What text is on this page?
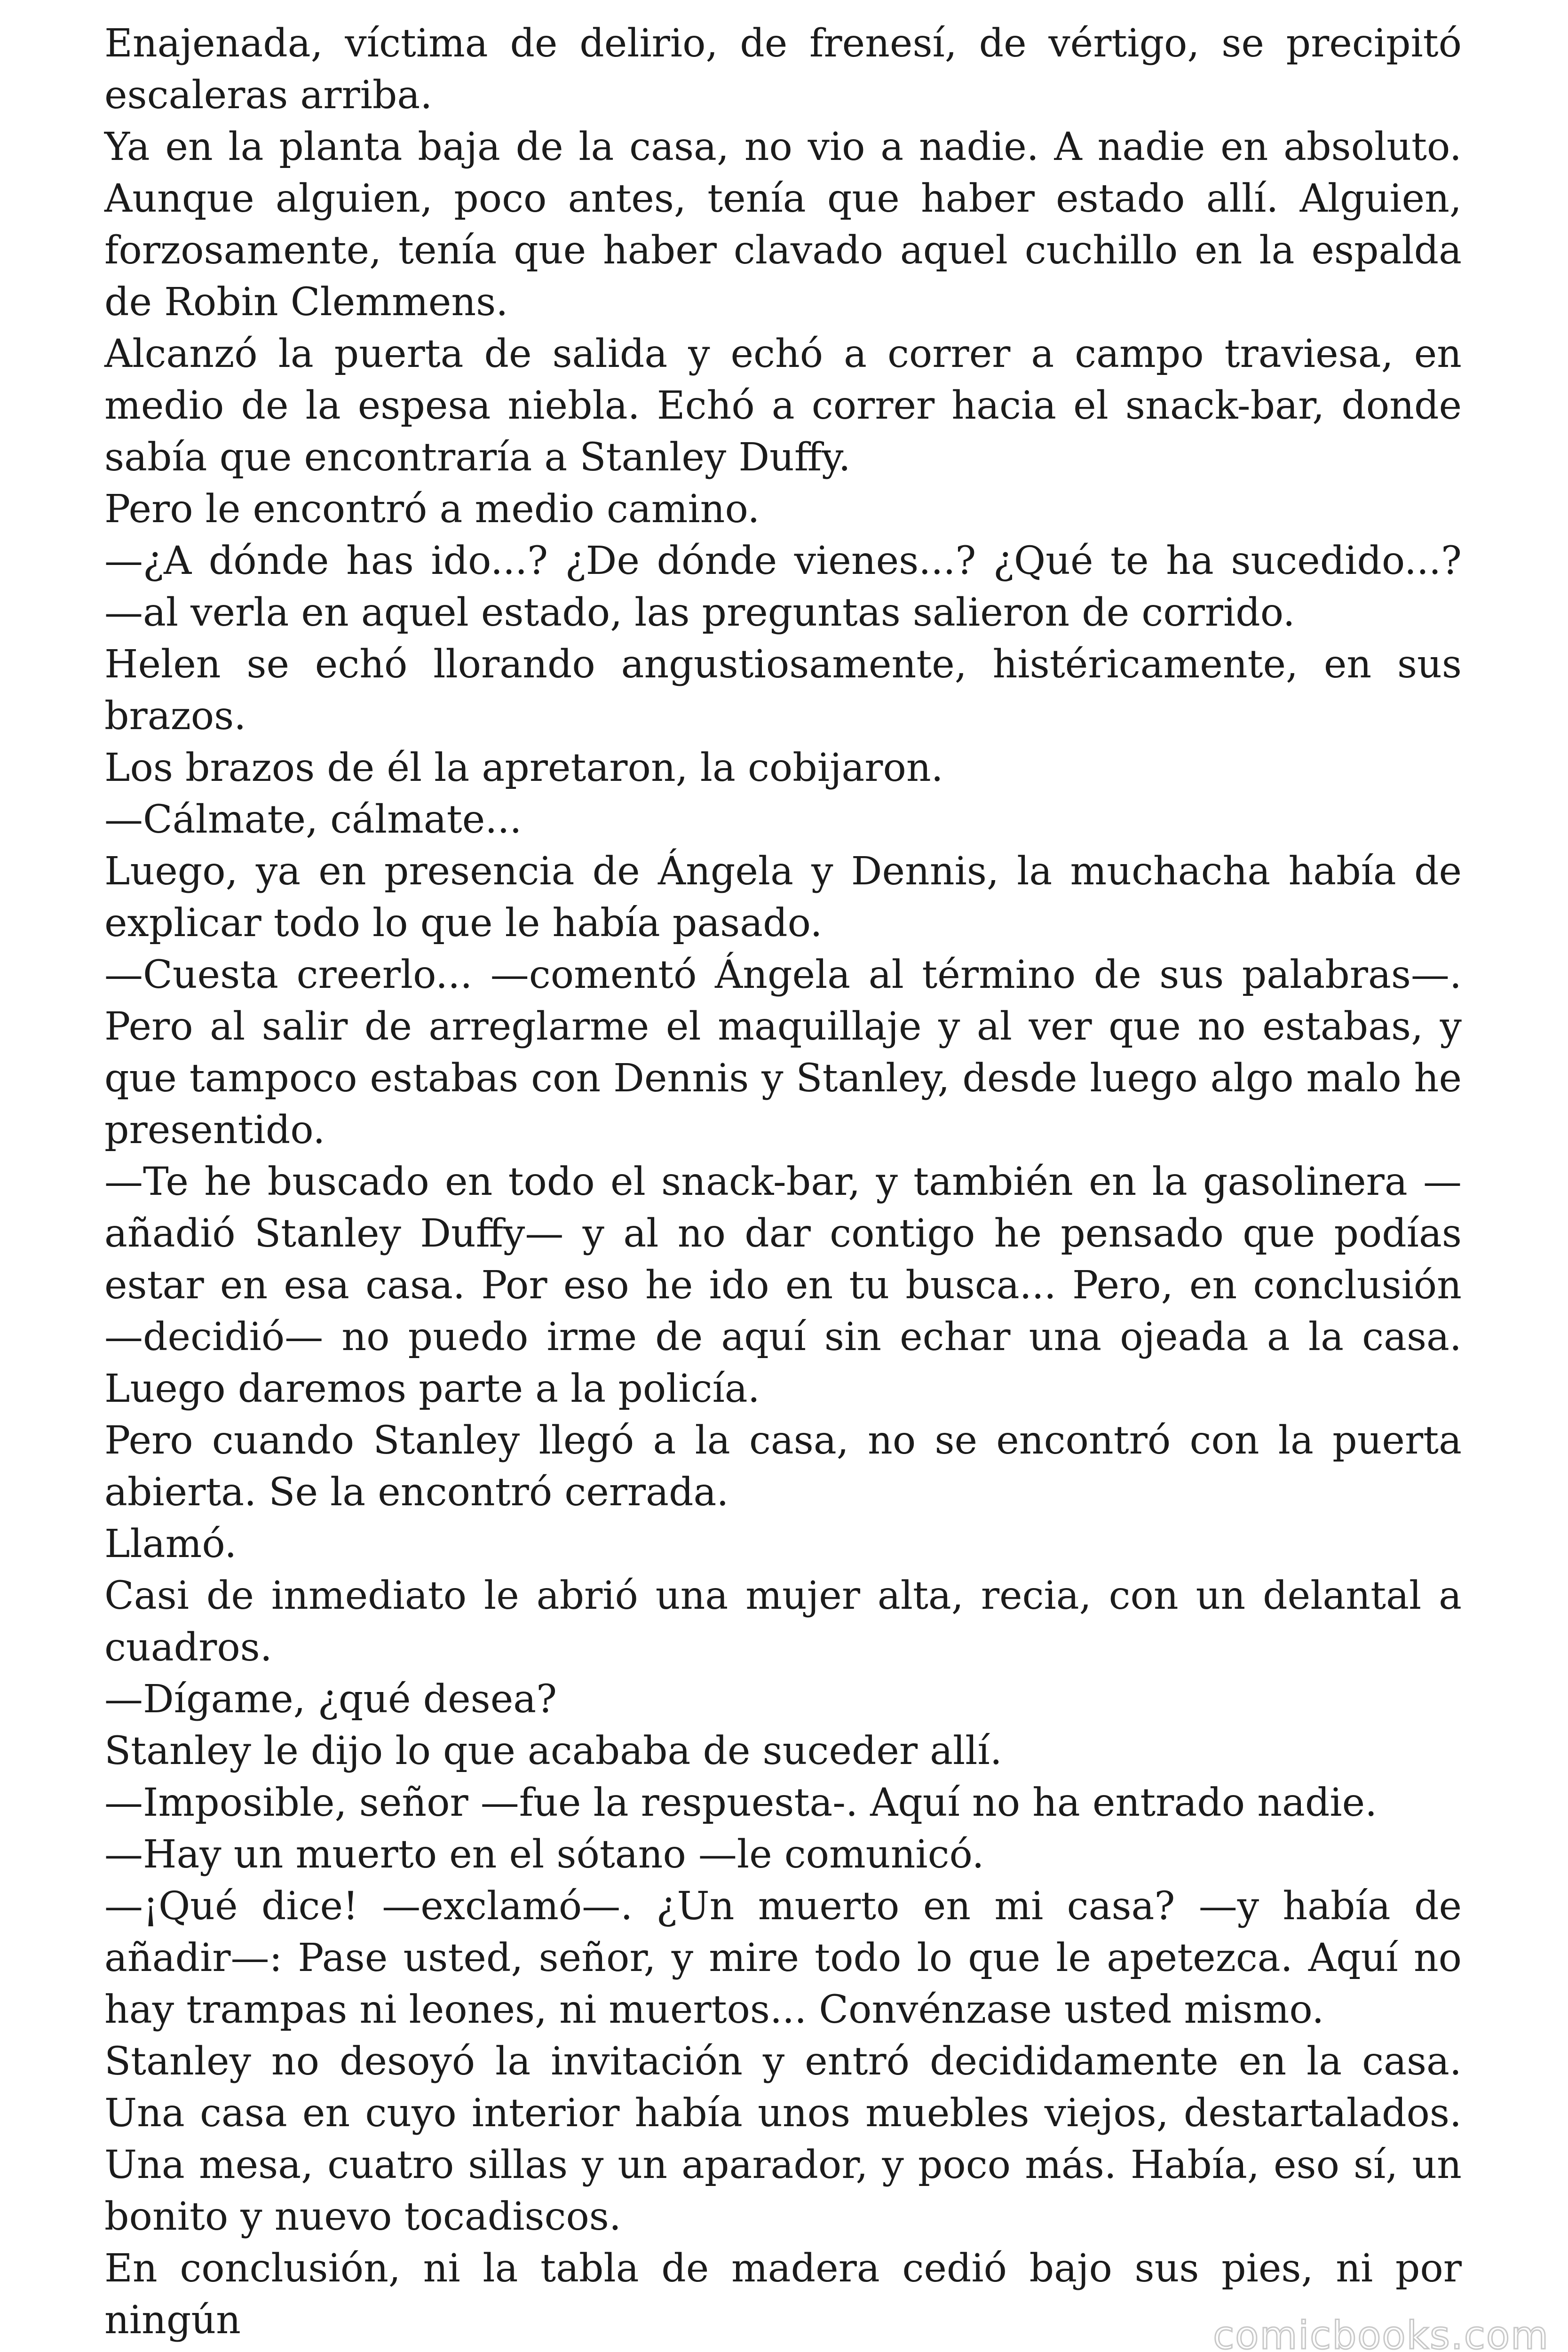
Enajenada, víctima de delirio, de frenesí, de vértigo, se precipitó escaleras arriba.

Ya en la planta baja de la casa, no vio a nadie. A nadie en absoluto. Aunque alguien, poco antes, tenía que haber estado allí. Alguien, forzosamente, tenía que haber clavado aquel cuchillo en la espalda de Robin Clemmens.

Alcanzó la puerta de salida y echó a correr a campo traviesa, en medio de la espesa niebla. Echó a correr hacia el snack-bar, donde sabía que encontraría a Stanley Duffy.

Pero le encontró a medio camino.

—¿A dónde has ido...? ¿De dónde vienes...? ¿Qué te ha sucedido...? —al verla en aquel estado, las preguntas salieron de corrido.

Helen se echó llorando angustiosamente, histéricamente, en sus brazos.

Los brazos de él la apretaron, la cobijaron.

—Cálmate, cálmate...

Luego, ya en presencia de Ángela y Dennis, la muchacha había de explicar todo lo que le había pasado.

—Cuesta creerlo... —comentó Ángela al término de sus palabras—. Pero al salir de arreglarme el maquillaje y al ver que no estabas, y que tampoco estabas con Dennis y Stanley, desde luego algo malo he presentido.

—Te he buscado en todo el snack-bar, y también en la gasolinera —añadió Stanley Duffy— y al no dar contigo he pensado que podías estar en esa casa. Por eso he ido en tu busca... Pero, en conclusión —decidió— no puedo irme de aquí sin echar una ojeada a la casa. Luego daremos parte a la policía.

Pero cuando Stanley llegó a la casa, no se encontró con la puerta abierta. Se la encontró cerrada.

Llamó.

Casi de inmediato le abrió una mujer alta, recia, con un delantal a cuadros.

—Dígame, ¿qué desea?

Stanley le dijo lo que acababa de suceder allí.

—Imposible, señor —fue la respuesta-. Aquí no ha entrado nadie.

—Hay un muerto en el sótano —le comunicó.

—¡Qué dice! —exclamó—. ¿Un muerto en mi casa? —y había de añadir—: Pase usted, señor, y mire todo lo que le apetezca. Aquí no hay trampas ni leones, ni muertos... Convénzase usted mismo.

Stanley no desoyó la invitación y entró decididamente en la casa. Una casa en cuyo interior había unos muebles viejos, destartalados. Una mesa, cuatro sillas y un aparador, y poco más. Había, eso sí, un bonito y nuevo tocadiscos.

En conclusión, ni la tabla de madera cedió bajo sus pies, ni por ningún	comicbooks.com
